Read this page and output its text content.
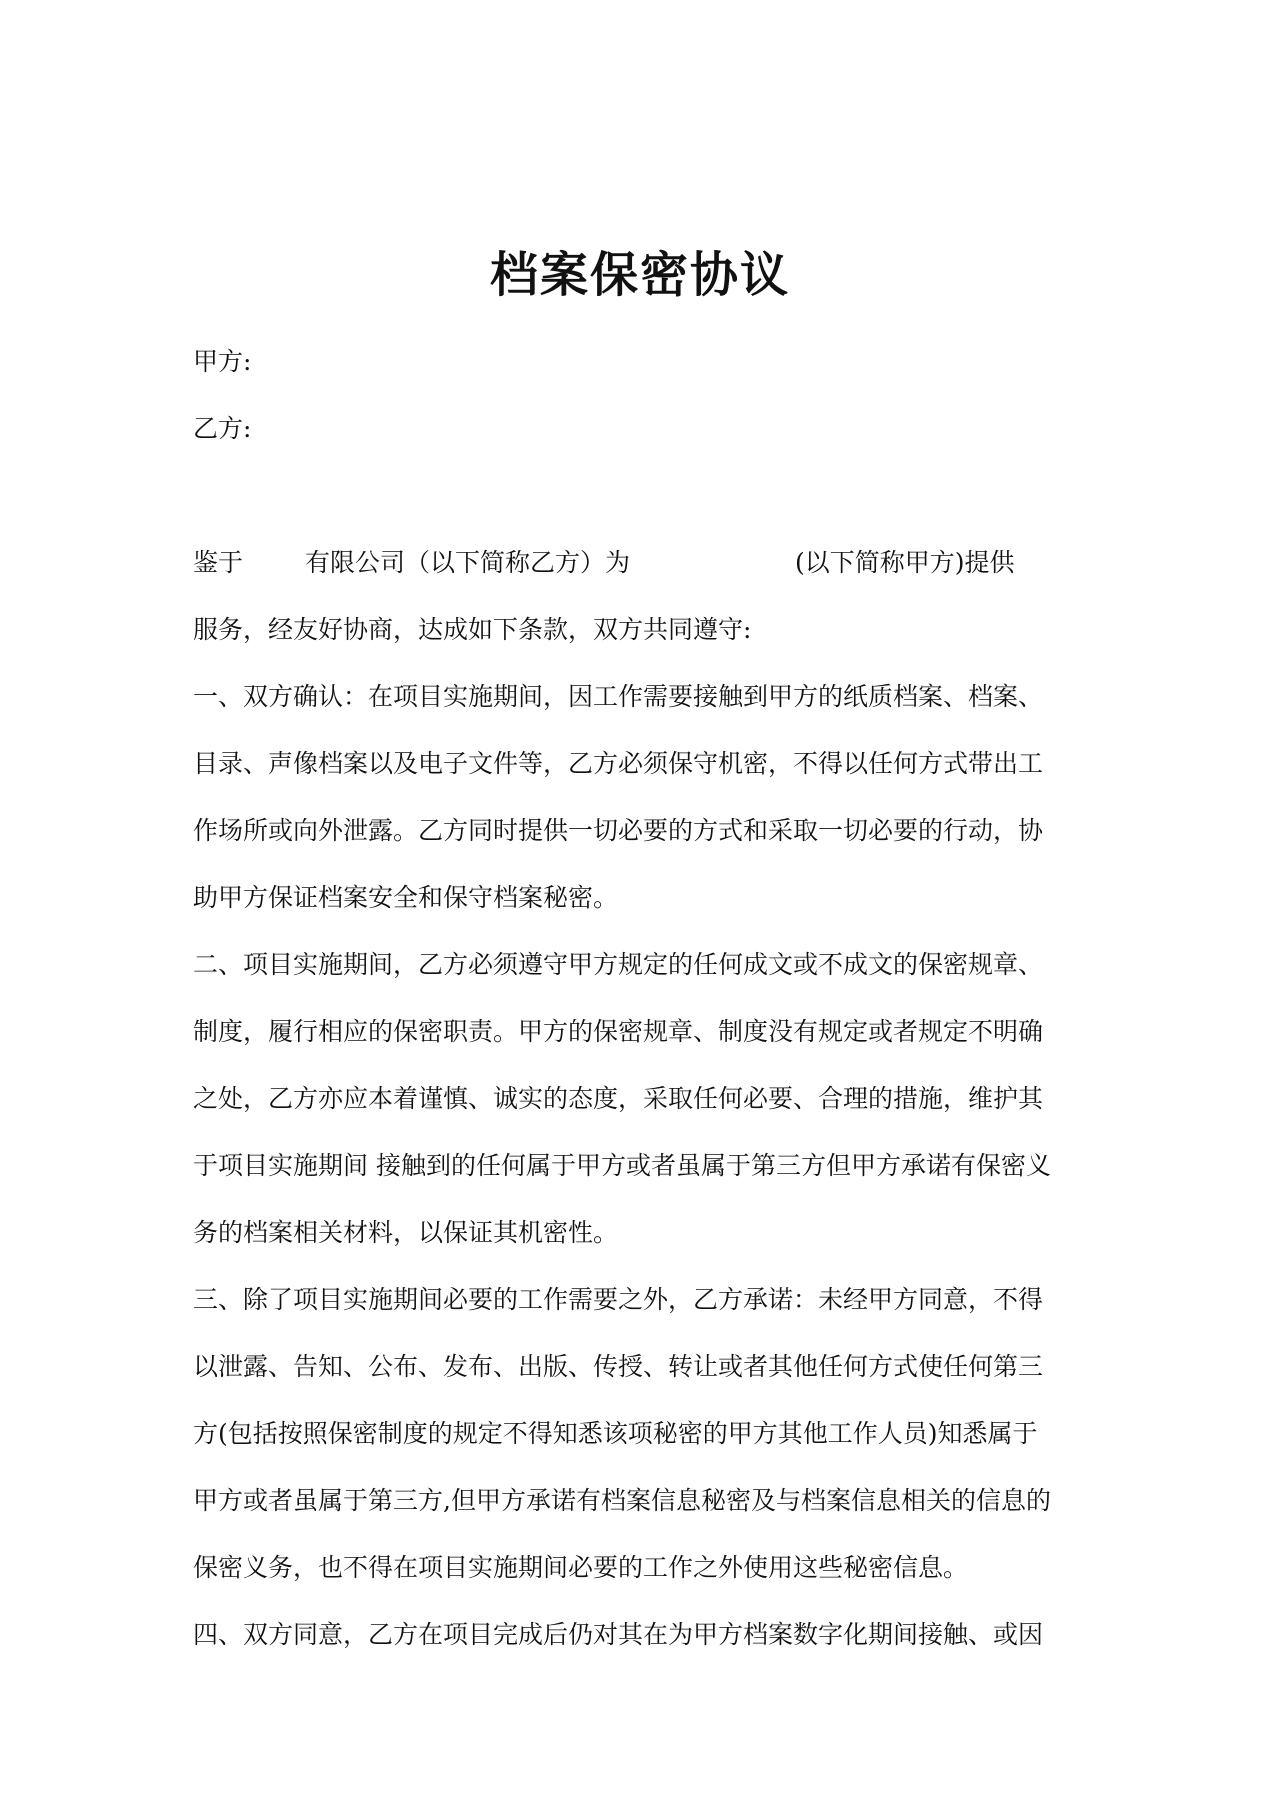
档案保密协议

甲方:

乙方:

鉴于 有限公司（以下简称乙方）为	(以下简称甲方)提供

服务，经友好协商，达成如下条款，双方共同遵守:

一、双方确认：在项目实施期间，因工作需要接触到甲方的纸质档案、档案、

目录、声像档案以及电子文件等，乙方必须保守机密，不得以任何方式带出工

作场所或向外泄露。乙方同时提供一切必要的方式和采取一切必要的行动，协

助甲方保证档案安全和保守档案秘密。

二、项目实施期间，乙方必须遵守甲方规定的任何成文或不成文的保密规章、

制度，履行相应的保密职责。甲方的保密规章、制度没有规定或者规定不明确

之处，乙方亦应本着谨慎、诚实的态度，采取任何必要、合理的措施，维护其

于项目实施期间 接触到的任何属于甲方或者虽属于第三方但甲方承诺有保密义

务的档案相关材料，以保证其机密性。

三、除了项目实施期间必要的工作需要之外，乙方承诺：未经甲方同意，不得

以泄露、告知、公布、发布、出版、传授、转让或者其他任何方式使任何第三

方(包括按照保密制度的规定不得知悉该项秘密的甲方其他工作人员)知悉属于

甲方或者虽属于第三方,但甲方承诺有档案信息秘密及与档案信息相关的信息的

保密义务，也不得在项目实施期间必要的工作之外使用这些秘密信息。

四、双方同意，乙方在项目完成后仍对其在为甲方档案数字化期间接触、或因
